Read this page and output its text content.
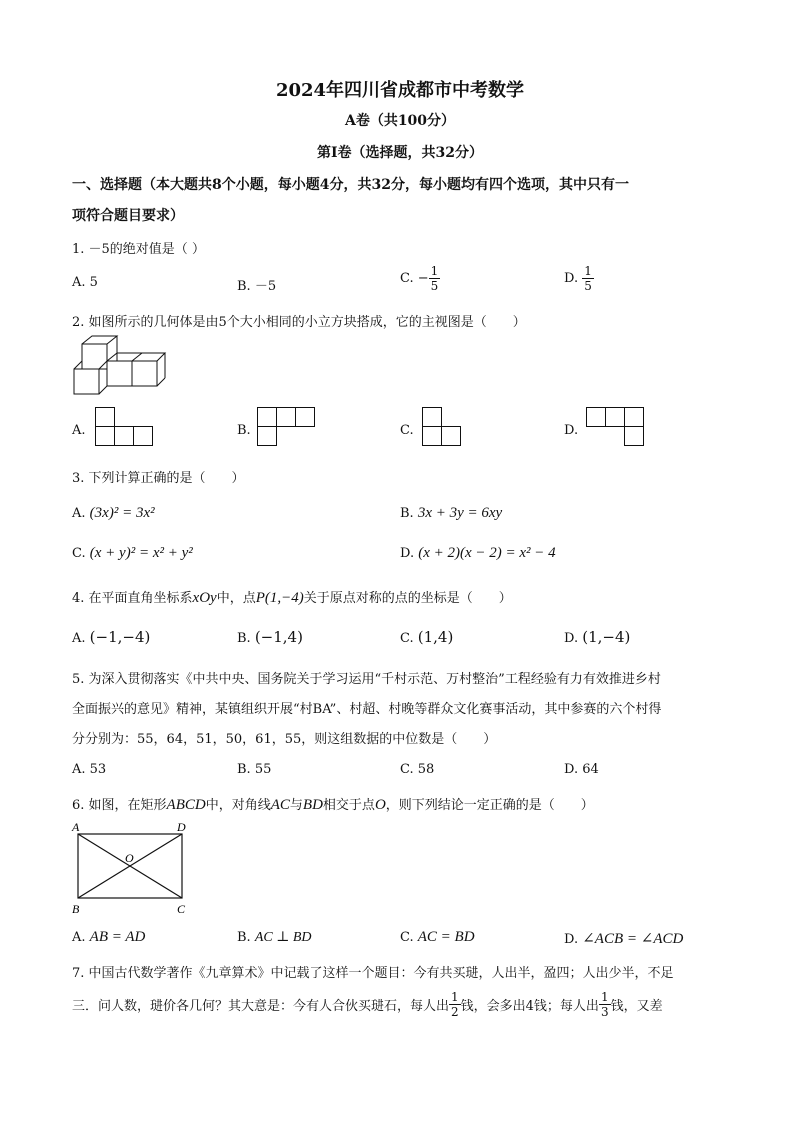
2024年四川省成都市中考数学
A卷（共100分）
第Ⅰ卷（选择题，共32分）
一、选择题（本大题共8个小题，每小题4分，共32分，每小题均有四个选项，其中只有一
项符合题目要求）
1. －5的绝对值是（ ）
A. 5	B. －5
C. − $\frac{1}{5}$	D. $\frac{1}{5}$
2. 如图所示的几何体是由5个大小相同的小立方块搭成，它的主视图是（　　）
A.	B.	C.	D.
3. 下列计算正确的是（　　）
A. (3x)² = 3x²	B. 3x + 3y = 6xy
C. (x + y)² = x² + y²	D. (x + 2)(x − 2) = x² − 4
4. 在平面直角坐标系xOy中，点P(1,−4)关于原点对称的点的坐标是（　　）
A. (−1,−4)	B. (−1,4)	C. (1,4)	D. (1,−4)
5. 为深入贯彻落实《中共中央、国务院关于学习运用“千村示范、万村整治”工程经验有力有效推进乡村
全面振兴的意见》精神，某镇组织开展“村BA”、村超、村晚等群众文化赛事活动，其中参赛的六个村得
分分别为：55，64，51，50，61，55，则这组数据的中位数是（　　）
A. 53	B. 55	C. 58	D. 64
6. 如图，在矩形ABCD中，对角线AC与BD相交于点O，则下列结论一定正确的是（　　）
A	D
B	C
O
A. AB = AD	B. AC ⊥ BD	C. AC = BD	D. ∠ACB = ∠ACD
7. 中国古代数学著作《九章算术》中记载了这样一个题目：今有共买琎，人出半，盈四；人出少半，不足
三．问人数，琎价各几何？其大意是：今有人合伙买琎石，每人出 $\frac{1}{2}$ 钱，会多出4钱；每人出 $\frac{1}{3}$ 钱，又差
